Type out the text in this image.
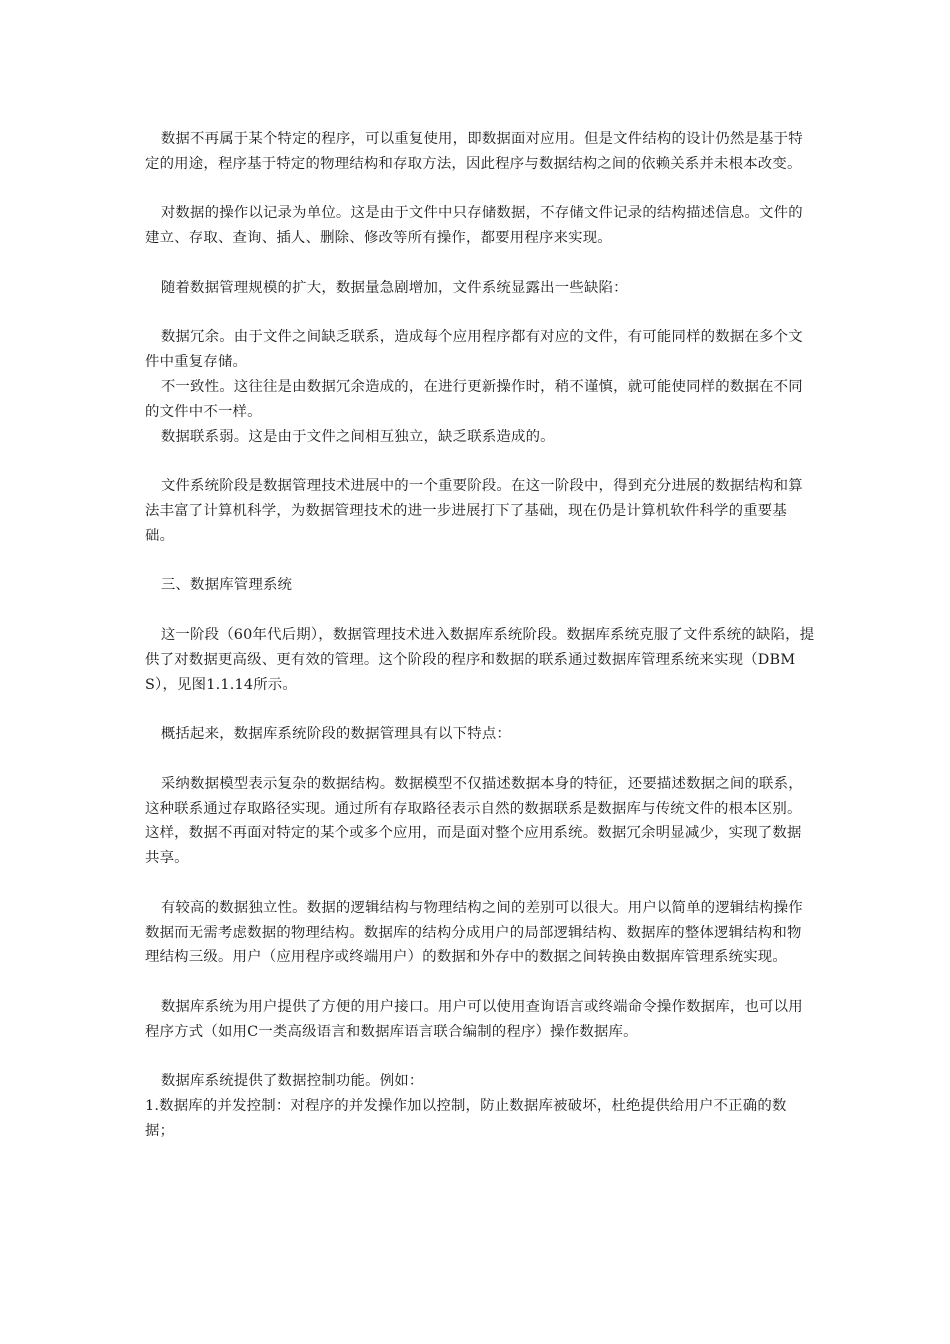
数据不再属于某个特定的程序，可以重复使用，即数据面对应用。但是文件结构的设计仍然是基于特定的用途，程序基于特定的物理结构和存取方法，因此程序与数据结构之间的依赖关系并未根本改变。

对数据的操作以记录为单位。这是由于文件中只存储数据，不存储文件记录的结构描述信息。文件的建立、存取、查询、插人、删除、修改等所有操作，都要用程序来实现。

随着数据管理规模的扩大，数据量急剧增加，文件系统显露出一些缺陷：

数据冗余。由于文件之间缺乏联系，造成每个应用程序都有对应的文件，有可能同样的数据在多个文件中重复存储。

不一致性。这往往是由数据冗余造成的，在进行更新操作时，稍不谨慎，就可能使同样的数据在不同的文件中不一样。

数据联系弱。这是由于文件之间相互独立，缺乏联系造成的。

文件系统阶段是数据管理技术进展中的一个重要阶段。在这一阶段中，得到充分进展的数据结构和算法丰富了计算机科学，为数据管理技术的进一步进展打下了基础，现在仍是计算机软件科学的重要基础。

三、数据库管理系统

这一阶段（60年代后期），数据管理技术进入数据库系统阶段。数据库系统克服了文件系统的缺陷，提供了对数据更高级、更有效的管理。这个阶段的程序和数据的联系通过数据库管理系统来实现（DBMS），见图1.1.14所示。

概括起来，数据库系统阶段的数据管理具有以下特点：

采纳数据模型表示复杂的数据结构。数据模型不仅描述数据本身的特征，还要描述数据之间的联系，这种联系通过存取路径实现。通过所有存取路径表示自然的数据联系是数据库与传统文件的根本区别。这样，数据不再面对特定的某个或多个应用，而是面对整个应用系统。数据冗余明显减少，实现了数据共享。

有较高的数据独立性。数据的逻辑结构与物理结构之间的差别可以很大。用户以简单的逻辑结构操作数据而无需考虑数据的物理结构。数据库的结构分成用户的局部逻辑结构、数据库的整体逻辑结构和物理结构三级。用户（应用程序或终端用户）的数据和外存中的数据之间转换由数据库管理系统实现。

数据库系统为用户提供了方便的用户接口。用户可以使用查询语言或终端命令操作数据库，也可以用程序方式（如用C一类高级语言和数据库语言联合编制的程序）操作数据库。

数据库系统提供了数据控制功能。例如：

1.数据库的并发控制：对程序的并发操作加以控制，防止数据库被破坏，杜绝提供给用户不正确的数据；
